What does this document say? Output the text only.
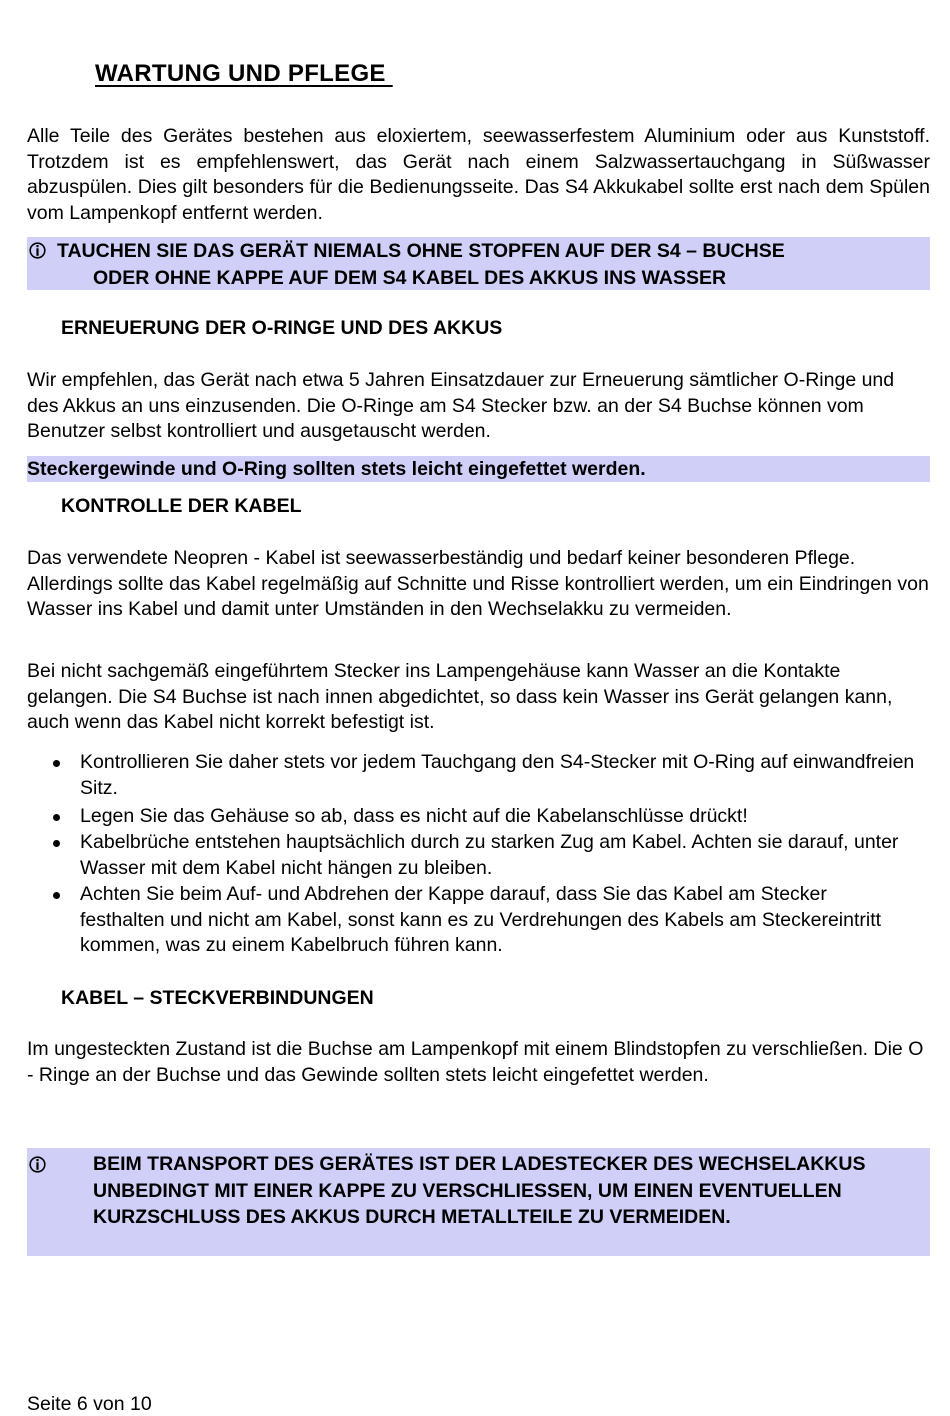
WARTUNG UND PFLEGE
Alle Teile des Gerätes bestehen aus eloxiertem, seewasserfestem Aluminium oder aus Kunststoff. Trotzdem ist es empfehlenswert, das Gerät nach einem Salzwassertauchgang in Süßwasser abzuspülen. Dies gilt besonders für die Bedienungsseite. Das S4 Akkukabel sollte erst nach dem Spülen vom Lampenkopf entfernt werden.
TAUCHEN SIE DAS GERÄT NIEMALS OHNE STOPFEN AUF DER S4 – BUCHSE
ODER OHNE KAPPE AUF DEM S4 KABEL DES AKKUS INS WASSER
ERNEUERUNG DER O-RINGE UND DES AKKUS
Wir empfehlen, das Gerät nach etwa 5 Jahren Einsatzdauer zur Erneuerung sämtlicher O-Ringe und des Akkus an uns einzusenden. Die O-Ringe am S4 Stecker bzw. an der S4 Buchse können vom Benutzer selbst kontrolliert und ausgetauscht werden.
Steckergewinde und O-Ring sollten stets leicht eingefettet werden.
KONTROLLE DER KABEL
Das verwendete Neopren - Kabel ist seewasserbeständig und bedarf keiner besonderen Pflege. Allerdings sollte das Kabel regelmäßig auf Schnitte und Risse kontrolliert werden, um ein Eindringen von Wasser ins Kabel und damit unter Umständen in den Wechselakku zu vermeiden.
Bei nicht sachgemäß eingeführtem Stecker ins Lampengehäuse kann Wasser an die Kontakte gelangen. Die S4 Buchse ist nach innen abgedichtet, so dass kein Wasser ins Gerät gelangen kann, auch wenn das Kabel nicht korrekt befestigt ist.
Kontrollieren Sie daher stets vor jedem Tauchgang den S4-Stecker mit O-Ring auf einwandfreien Sitz.
Legen Sie das Gehäuse so ab, dass es nicht auf die Kabelanschlüsse drückt!
Kabelbrüche entstehen hauptsächlich durch zu starken Zug am Kabel. Achten sie darauf, unter Wasser mit dem Kabel nicht hängen zu bleiben.
Achten Sie beim Auf- und Abdrehen der Kappe darauf, dass Sie das Kabel am Stecker festhalten und nicht am Kabel, sonst kann es zu Verdrehungen des Kabels am Steckereintritt kommen, was zu einem Kabelbruch führen kann.
KABEL – STECKVERBINDUNGEN
Im ungesteckten Zustand ist die Buchse am Lampenkopf mit einem Blindstopfen zu verschließen. Die O - Ringe an der Buchse und das Gewinde sollten stets leicht eingefettet werden.
BEIM TRANSPORT DES GERÄTES IST DER LADESTECKER DES WECHSELAKKUS UNBEDINGT MIT EINER KAPPE ZU VERSCHLIESSEN, UM EINEN EVENTUELLEN KURZSCHLUSS DES AKKUS DURCH METALLTEILE ZU VERMEIDEN.
Seite 6 von 10
